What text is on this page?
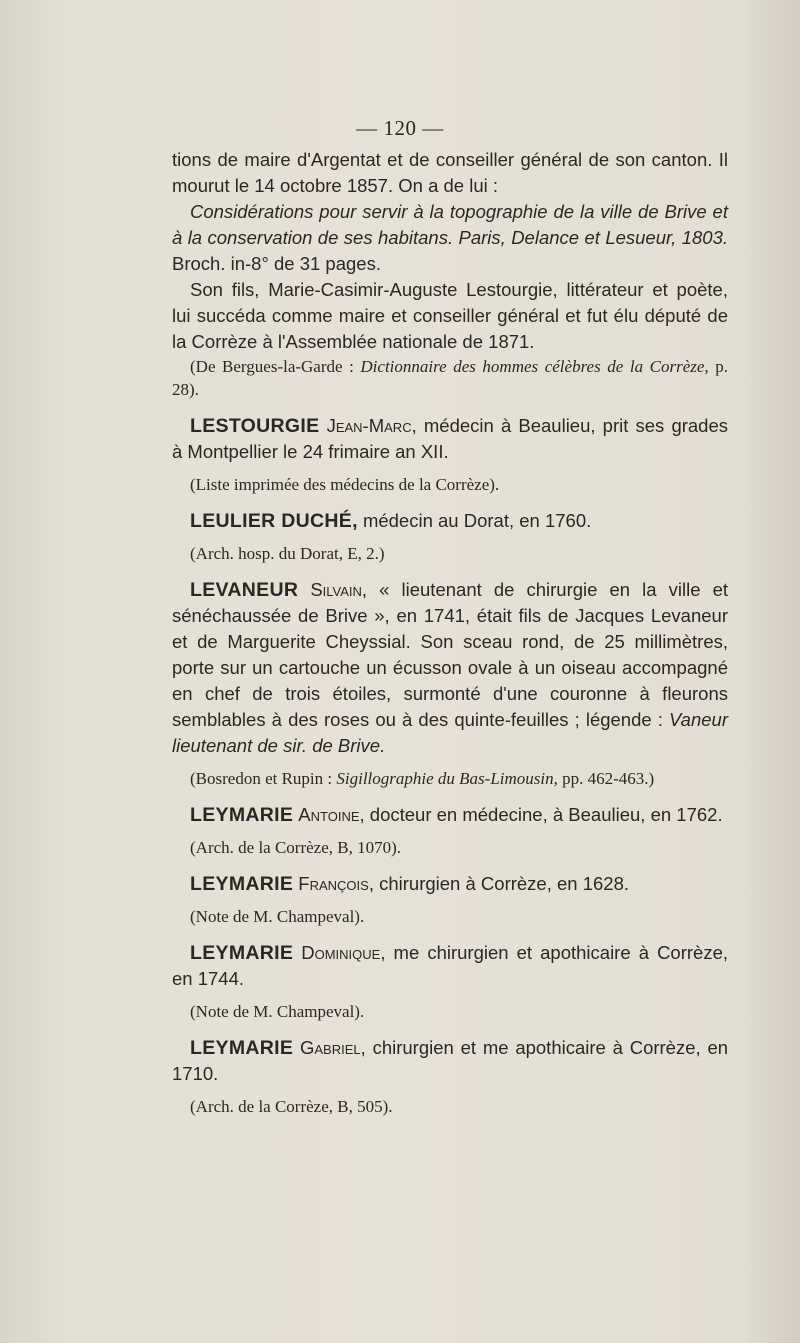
— 120 —

tions de maire d'Argentat et de conseiller général de son canton. Il mourut le 14 octobre 1857. On a de lui :

Considérations pour servir à la topographie de la ville de Brive et à la conservation de ses habitans. Paris, Delance et Lesueur, 1803. Broch. in-8° de 31 pages.

Son fils, Marie-Casimir-Auguste Lestourgie, littérateur et poète, lui succéda comme maire et conseiller général et fut élu député de la Corrèze à l'Assemblée nationale de 1871.

(De Bergues-la-Garde : Dictionnaire des hommes célèbres de la Corrèze, p. 28).

LESTOURGIE Jean-Marc, médecin à Beaulieu, prit ses grades à Montpellier le 24 frimaire an XII.

(Liste imprimée des médecins de la Corrèze).

LEULIER DUCHÉ, médecin au Dorat, en 1760.

(Arch. hosp. du Dorat, E, 2.)

LEVANEUR Silvain, « lieutenant de chirurgie en la ville et sénéchaussée de Brive », en 1741, était fils de Jacques Levaneur et de Marguerite Cheyssial. Son sceau rond, de 25 millimètres, porte sur un cartouche un écusson ovale à un oiseau accompagné en chef de trois étoiles, surmonté d'une couronne à fleurons semblables à des roses ou à des quinte-feuilles ; légende : Vaneur lieutenant de sir. de Brive.

(Bosredon et Rupin : Sigillographie du Bas-Limousin, pp. 462-463.)

LEYMARIE Antoine, docteur en médecine, à Beaulieu, en 1762.

(Arch. de la Corrèze, B, 1070).

LEYMARIE François, chirurgien à Corrèze, en 1628.

(Note de M. Champeval).

LEYMARIE Dominique, me chirurgien et apothicaire à Corrèze, en 1744.

(Note de M. Champeval).

LEYMARIE Gabriel, chirurgien et me apothicaire à Corrèze, en 1710.

(Arch. de la Corrèze, B, 505).
